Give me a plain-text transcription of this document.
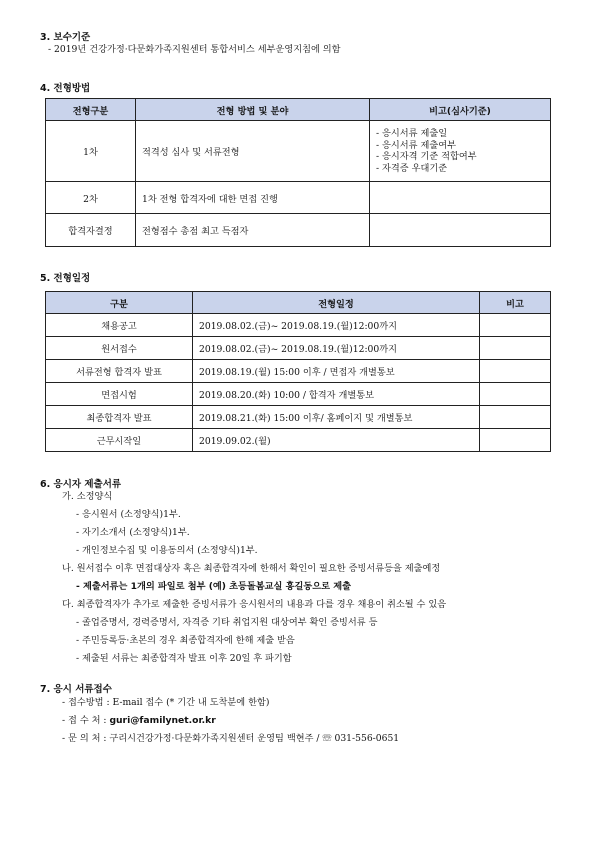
3. 보수기준
- 2019년 건강가정·다문화가족지원센터 통합서비스 세부운영지침에 의함
4. 전형방법
전형구분	전형 방법 및 분야	비고(심사기준)
1차	적격성 심사 및 서류전형	- 응시서류 제출일
- 응시서류 제출여부
- 응시자격 기준 적합여부
- 자격증 우대기준

2차	1차 전형 합격자에 대한 면접 진행	
합격자결정	전형점수 총점 최고 득점자	
5. 전형일정
구분	전형일정	비고
채용공고	2019.08.02.(금)~ 2019.08.19.(월)12:00까지	
원서접수	2019.08.02.(금)~ 2019.08.19.(월)12:00까지	
서류전형 합격자 발표	2019.08.19.(월) 15:00 이후 / 면접자 개별통보	
면접시험	2019.08.20.(화) 10:00 / 합격자 개별통보	
최종합격자 발표	2019.08.21.(화) 15:00 이후/ 홈페이지 및 개별통보	
근무시작일	2019.09.02.(월)	
6. 응시자 제출서류
가. 소정양식
- 응시원서 (소정양식)1부.
- 자기소개서 (소정양식)1부.
- 개인정보수집 및 이용동의서 (소정양식)1부.
나. 원서접수 이후 면접대상자 혹은 최종합격자에 한해서 확인이 필요한 증빙서류등을 제출예정
- 제출서류는 1개의 파일로 첨부 (예) 초등돌봄교실 홍길동으로 제출
다. 최종합격자가 추가로 제출한 증빙서류가 응시원서의 내용과 다를 경우 채용이 취소될 수 있음
- 졸업증명서, 경력증명서, 자격증 기타 취업지원 대상여부 확인 증빙서류 등
- 주민등록등·초본의 경우 최종합격자에 한해 제출 받음
- 제출된 서류는 최종합격자 발표 이후 20일 후 파기함
7. 응시 서류접수
- 접수방법 : E-mail 접수 (* 기간 내 도착분에 한함)
- 접 수 처 : guri@familynet.or.kr
- 문 의 처 : 구리시건강가정·다문화가족지원센터 운영팀 백현주 / ☏ 031-556-0651
